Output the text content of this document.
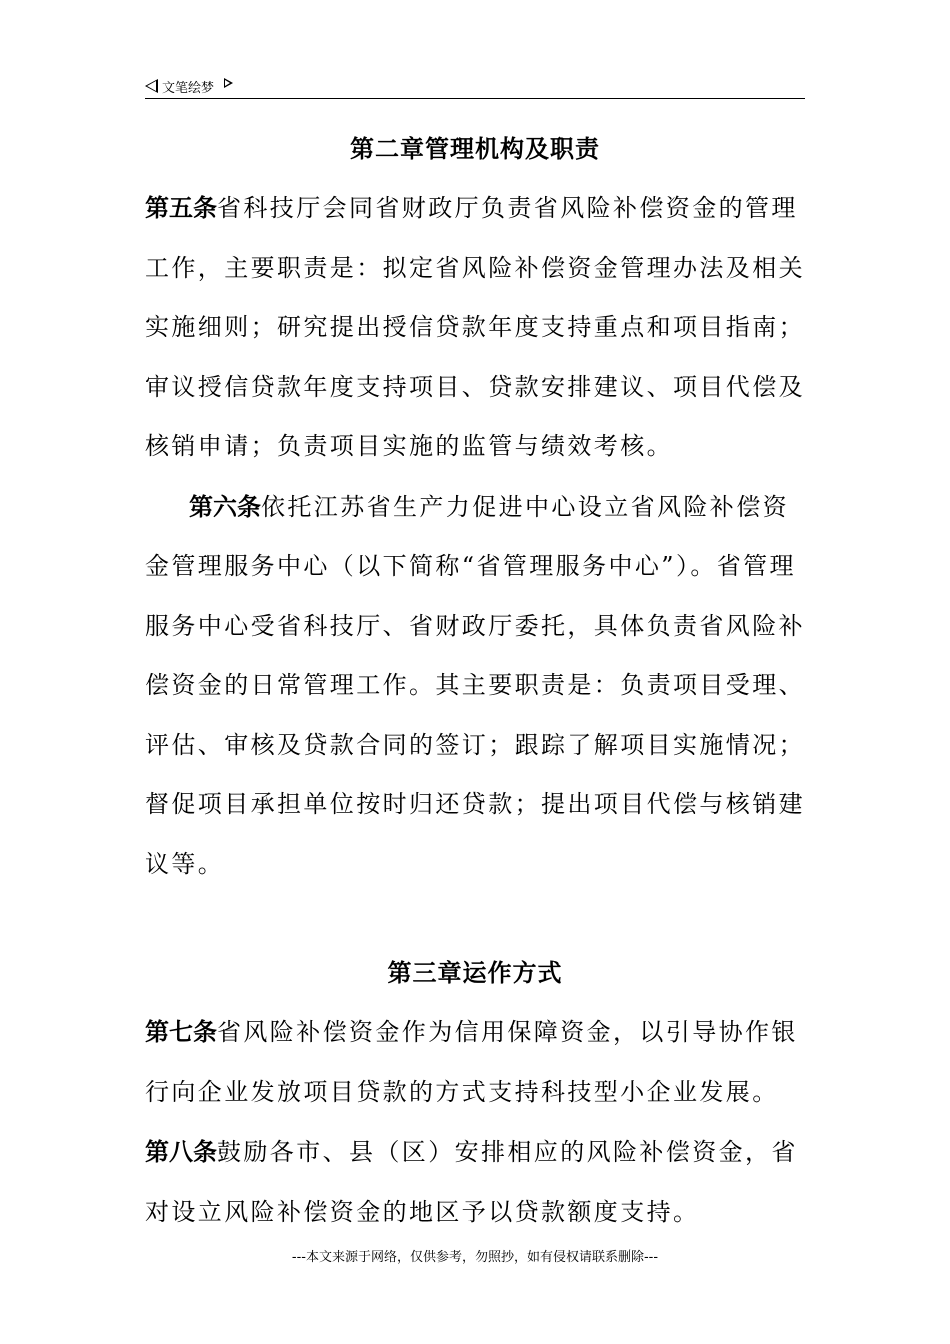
文笔绘梦
第二章管理机构及职责

第五条省科技厅会同省财政厅负责省风险补偿资金的管理工作，主要职责是：拟定省风险补偿资金管理办法及相关实施细则；研究提出授信贷款年度支持重点和项目指南；审议授信贷款年度支持项目、贷款安排建议、项目代偿及核销申请；负责项目实施的监管与绩效考核。

第六条依托江苏省生产力促进中心设立省风险补偿资金管理服务中心（以下简称“省管理服务中心”）。省管理服务中心受省科技厅、省财政厅委托，具体负责省风险补偿资金的日常管理工作。其主要职责是：负责项目受理、评估、审核及贷款合同的签订；跟踪了解项目实施情况；督促项目承担单位按时归还贷款；提出项目代偿与核销建议等。

第三章运作方式

第七条省风险补偿资金作为信用保障资金，以引导协作银行向企业发放项目贷款的方式支持科技型小企业发展。

第八条鼓励各市、县（区）安排相应的风险补偿资金，省对设立风险补偿资金的地区予以贷款额度支持。

---本文来源于网络，仅供参考，勿照抄，如有侵权请联系删除---
